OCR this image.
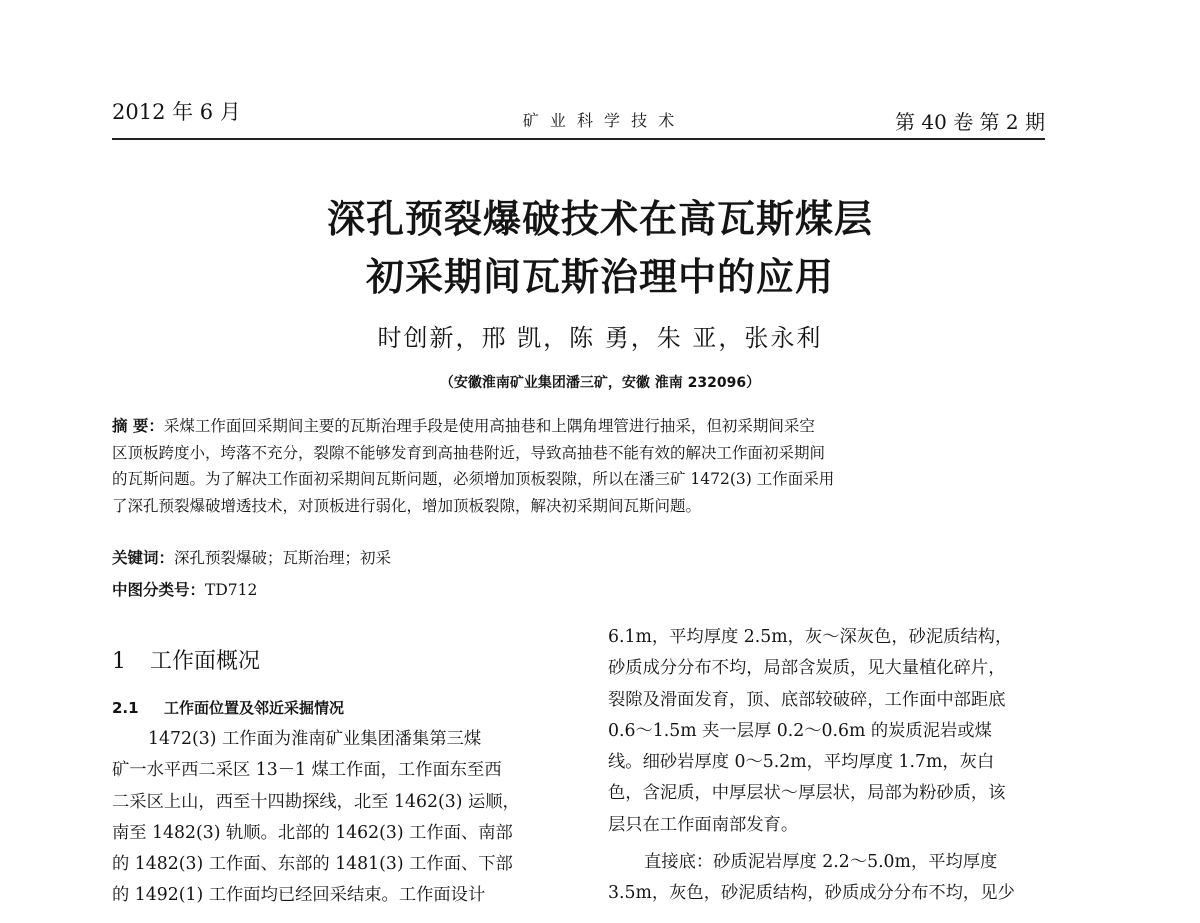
2012 年 6 月	矿 业 科 学 技 术	第 40 卷 第 2 期
深孔预裂爆破技术在高瓦斯煤层
初采期间瓦斯治理中的应用
时创新，邢 凯，陈 勇，朱 亚，张永利
（安徽淮南矿业集团潘三矿，安徽 淮南 232096）
摘 要：采煤工作面回采期间主要的瓦斯治理手段是使用高抽巷和上隅角埋管进行抽采，但初采期间采空
区顶板跨度小，垮落不充分，裂隙不能够发育到高抽巷附近，导致高抽巷不能有效的解决工作面初采期间
的瓦斯问题。为了解决工作面初采期间瓦斯问题，必须增加顶板裂隙，所以在潘三矿 1472(3) 工作面采用
了深孔预裂爆破增透技术，对顶板进行弱化，增加顶板裂隙，解决初采期间瓦斯问题。
关键词：深孔预裂爆破；瓦斯治理；初采
中图分类号：TD712
1 工作面概况
2.1 工作面位置及邻近采掘情况
1472(3) 工作面为淮南矿业集团潘集第三煤
矿一水平西二采区 13－1 煤工作面，工作面东至西
二采区上山，西至十四勘探线，北至 1462(3) 运顺，
南至 1482(3) 轨顺。北部的 1462(3) 工作面、南部
的 1482(3) 工作面、东部的 1481(3) 工作面、下部
的 1492(1) 工作面均已经回采结束。工作面设计
6.1m，平均厚度 2.5m，灰～深灰色，砂泥质结构，
砂质成分分布不均，局部含炭质，见大量植化碎片，
裂隙及滑面发育，顶、底部较破碎，工作面中部距底
0.6～1.5m 夹一层厚 0.2～0.6m 的炭质泥岩或煤
线。细砂岩厚度 0～5.2m，平均厚度 1.7m，灰白
色，含泥质，中厚层状～厚层状，局部为粉砂质，该
层只在工作面南部发育。
直接底：砂质泥岩厚度 2.2～5.0m，平均厚度
3.5m，灰色，砂泥质结构，砂质成分分布不均，见少
